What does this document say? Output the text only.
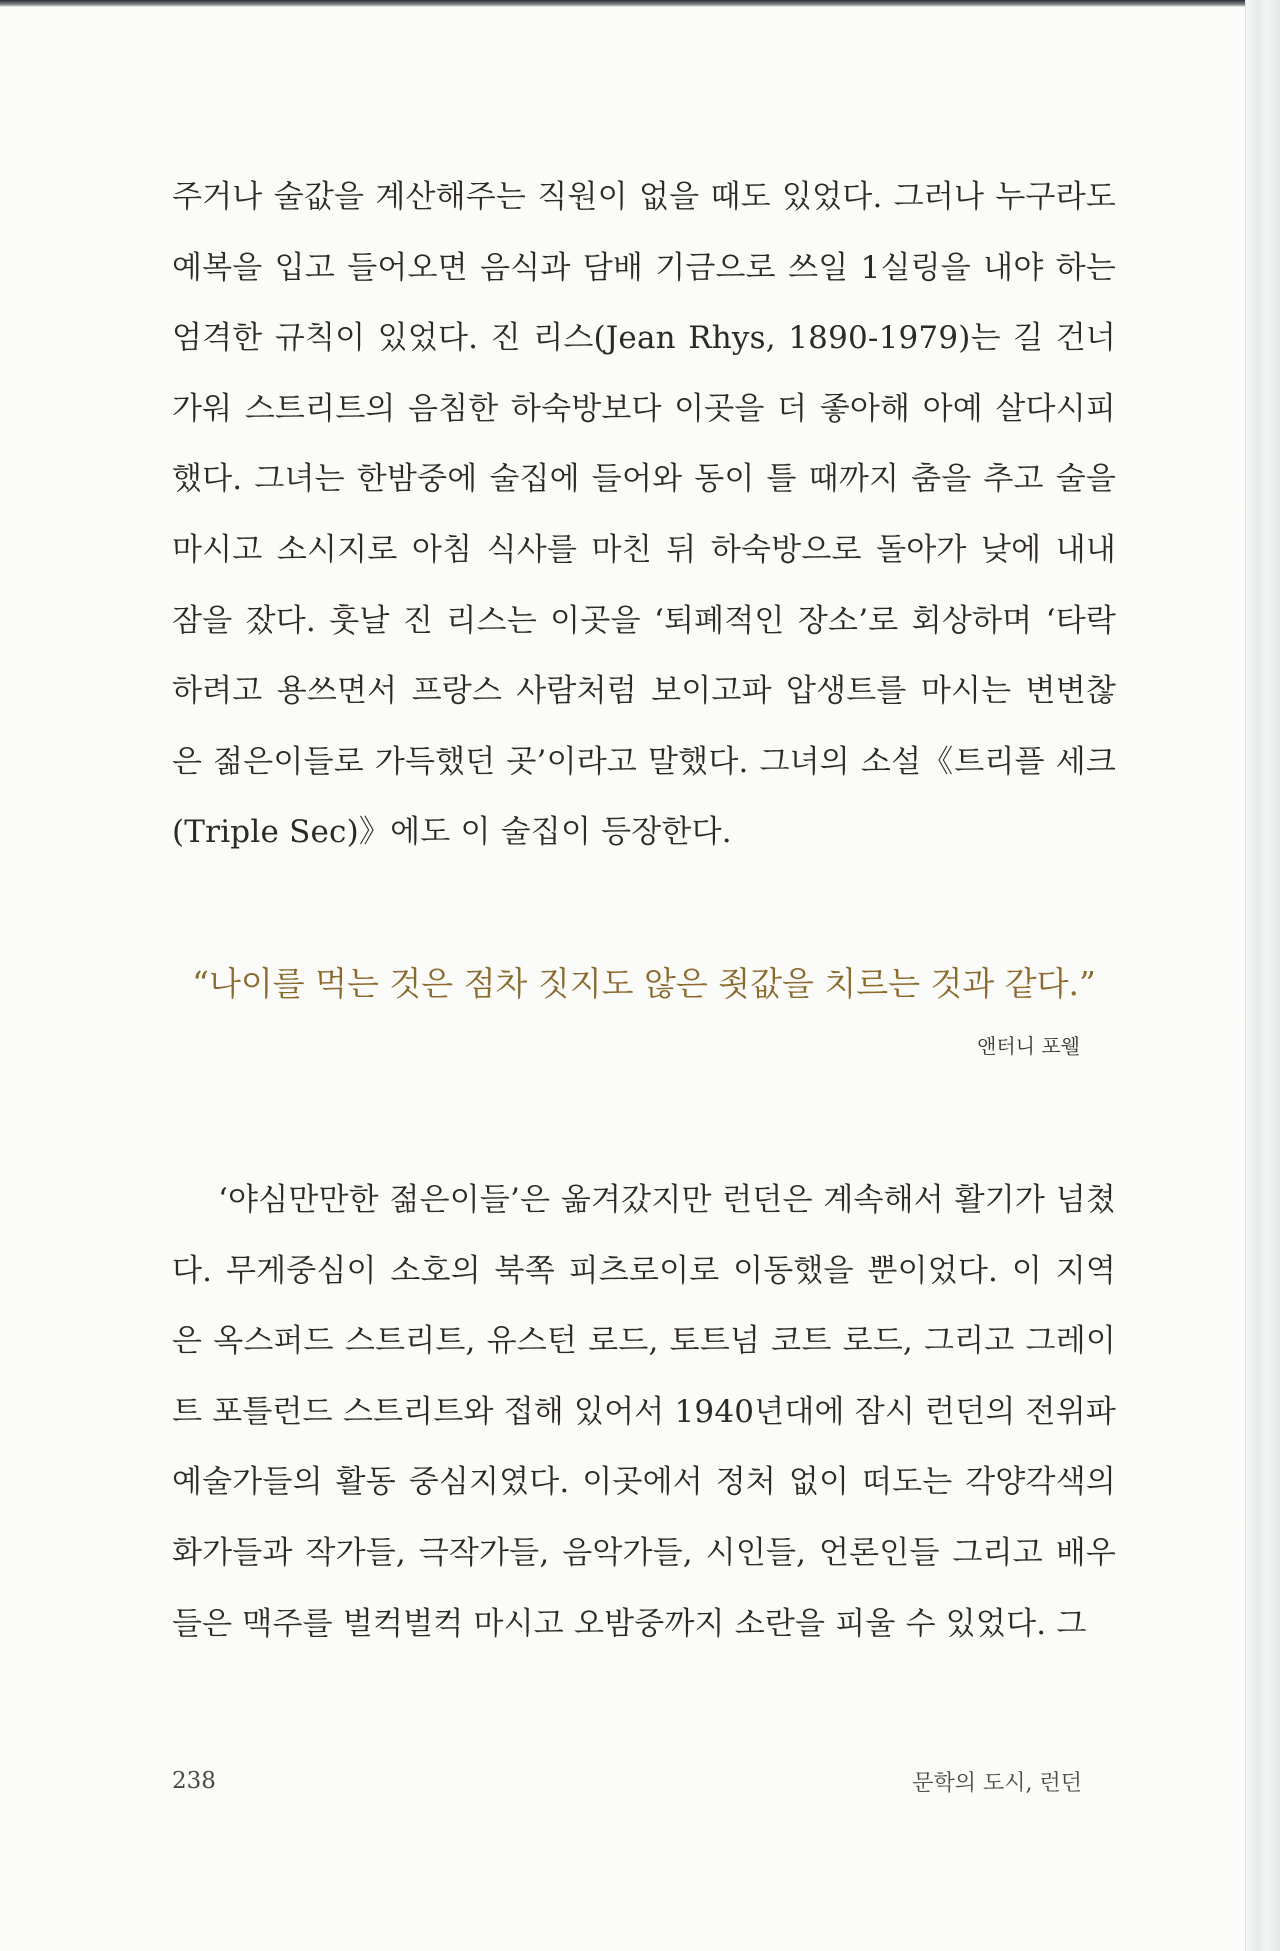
주거나 술값을 계산해주는 직원이 없을 때도 있었다. 그러나 누구라도 예복을 입고 들어오면 음식과 담배 기금으로 쓰일 1실링을 내야 하는 엄격한 규칙이 있었다. 진 리스(Jean Rhys, 1890-1979)는 길 건너 가워 스트리트의 음침한 하숙방보다 이곳을 더 좋아해 아예 살다시피 했다. 그녀는 한밤중에 술집에 들어와 동이 틀 때까지 춤을 추고 술을 마시고 소시지로 아침 식사를 마친 뒤 하숙방으로 돌아가 낮에 내내 잠을 잤다. 훗날 진 리스는 이곳을 ‘퇴폐적인 장소’로 회상하며 ‘타락하려고 용쓰면서 프랑스 사람처럼 보이고파 압생트를 마시는 변변찮은 젊은이들로 가득했던 곳’이라고 말했다. 그녀의 소설《트리플 세크(Triple Sec)》에도 이 술집이 등장한다.

“나이를 먹는 것은 점차 짓지도 않은 죗값을 치르는 것과 같다.”

앤터니 포웰

‘야심만만한 젊은이들’은 옮겨갔지만 런던은 계속해서 활기가 넘쳤다. 무게중심이 소호의 북쪽 피츠로이로 이동했을 뿐이었다. 이 지역은 옥스퍼드 스트리트, 유스턴 로드, 토트넘 코트 로드, 그리고 그레이트 포틀런드 스트리트와 접해 있어서 1940년대에 잠시 런던의 전위파 예술가들의 활동 중심지였다. 이곳에서 정처 없이 떠도는 각양각색의 화가들과 작가들, 극작가들, 음악가들, 시인들, 언론인들 그리고 배우들은 맥주를 벌컥벌컥 마시고 오밤중까지 소란을 피울 수 있었다. 그

238	문학의 도시, 런던
